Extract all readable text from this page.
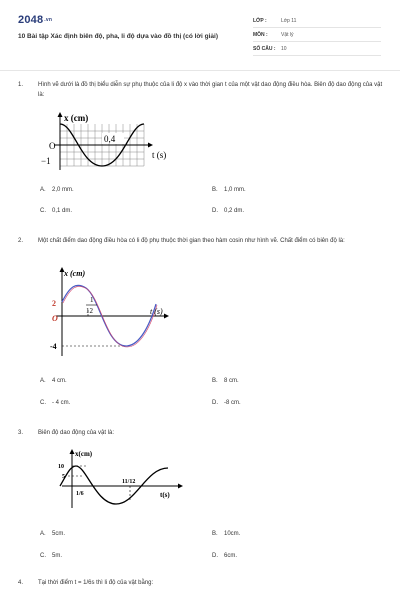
2048.vn
10 Bài tập Xác định biên độ, pha, li độ dựa vào đồ thị (có lời giải)
LỚP :	Lớp 11
MÔN :	Vật lý
SỐ CÂU :	10
1. Hình vẽ dưới là đồ thị biểu diễn sự phụ thuộc của li độ x vào thời gian t của một vật dao động điều hòa. Biên độ dao động của vật là:
x (cm)
t (s)
O
−1
0,4
A. 2,0 mm.	B. 1,0 mm.
C. 0,1 dm.	D. 0,2 dm.
2. Một chất điểm dao động điều hòa có li độ phụ thuộc thời gian theo hàm cosin như hình vẽ. Chất điểm có biên độ là:
x (cm)
t (s)
2
O
-4
1
12
A. 4 cm.	B. 8 cm.
C. - 4 cm.	D. -8 cm.
3. Biên độ dao động của vật là:
x(cm)
t(s)
10
5
1/6
11/12
A. 5cm.	B. 10cm.
C. 5m.	D. 6cm.
4. Tại thời điểm t = 1/6s thì li độ của vật bằng:
